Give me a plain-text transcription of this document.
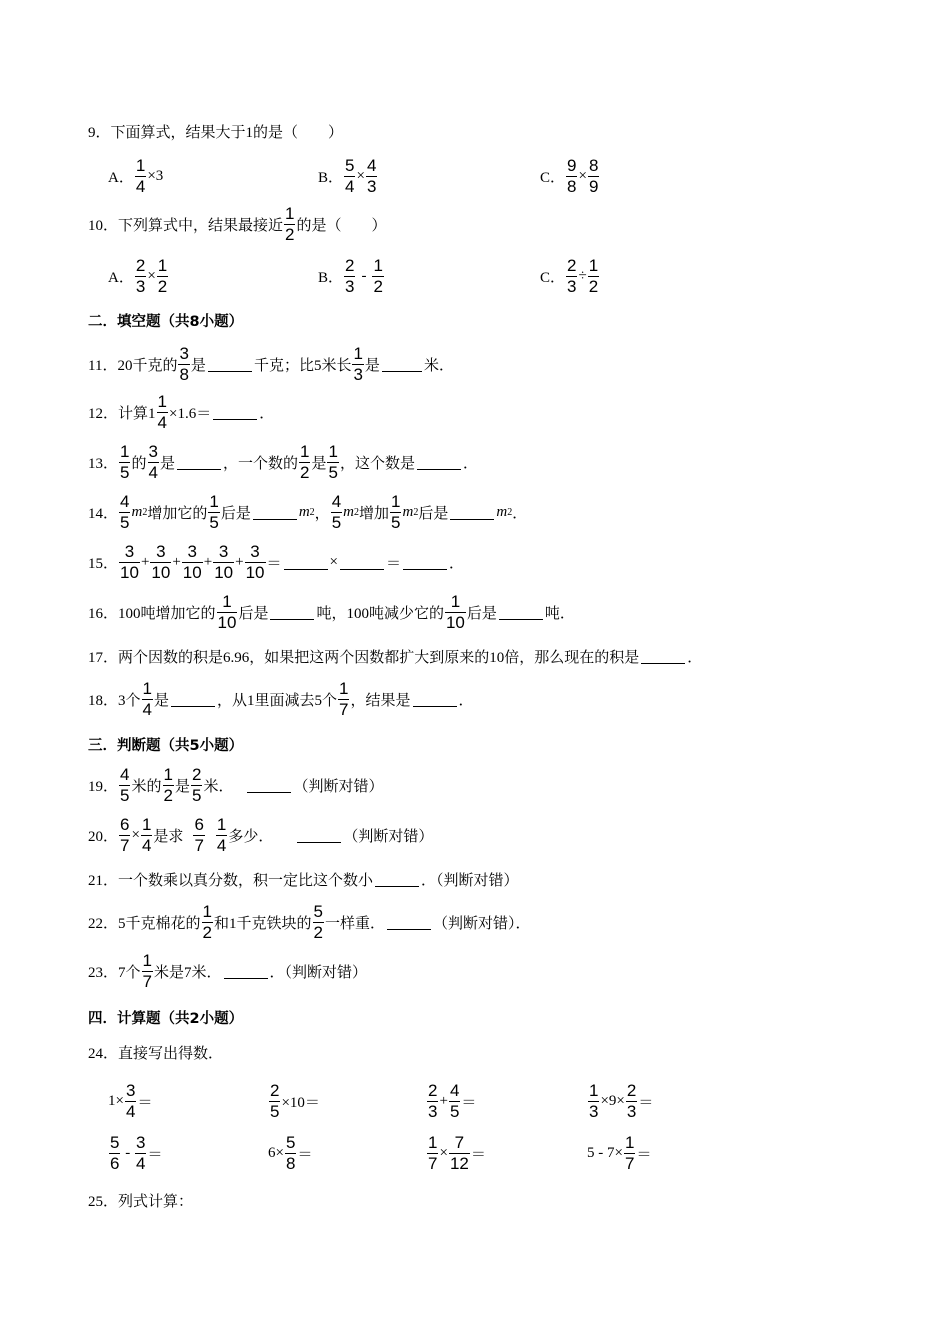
9．下面算式，结果大于1的是（　　）
A． $\frac{1}{4} \times 3$	B． $\frac{5}{4} \times \frac{4}{3}$	C． $\frac{9}{8} \times \frac{8}{9}$
10．下列算式中，结果最接近 $\frac{1}{2}$ 的是（　　）
A． $\frac{2}{3} \times \frac{1}{2}$	B． $\frac{2}{3} - \frac{1}{2}$	C． $\frac{2}{3} \div \frac{1}{2}$
二．填空题（共8小题）
11．20千克的 $\frac{3}{8}$ 是	千克；比5米长 $\frac{1}{3}$ 是	米．
12．计算$1 \frac{1}{4} \times 1.6=$	．
13． $\frac{1}{5}$ 的 $\frac{3}{4}$ 是	，一个数的 $\frac{1}{2}$ 是 $\frac{1}{5}$ ，这个数是	．
14． $\frac{4}{5}$ m 2 增加它的 $\frac{1}{5}$ 后是	m 2 ， $\frac{4}{5}$ m 2 增加 $\frac{1}{5}$ m 2 后是	m 2 ．
15． $\frac{3}{10} + \frac{3}{10} + \frac{3}{10} + \frac{3}{10} + \frac{3}{10}$ ＝	×	＝	．
16．100吨增加它的 $\frac{1}{10}$ 后是	吨，100吨减少它的 $\frac{1}{10}$ 后是	吨．
17．两个因数的积是6.96，如果把这两个因数都扩大到原来的10倍，那么现在的积是	．
18．3个 $\frac{1}{4}$ 是	，从1里面减去5个 $\frac{1}{7}$ ，结果是	．
三．判断题（共5小题）
19． $\frac{4}{5}$ 米的 $\frac{1}{2}$ 是 $\frac{2}{5}$ 米．	（判断对错）
20． $\frac{6}{7} \times \frac{1}{4}$ 是求 $\frac{6}{7} \frac{1}{4}$ 多少．	（判断对错）
21．一个数乘以真分数，积一定比这个数小	．（判断对错）
22．5千克棉花的 $\frac{1}{2}$ 和1千克铁块的 $\frac{5}{2}$ 一样重．	（判断对错）．
23．7个 $\frac{1}{7}$ 米是7米．	．（判断对错）
四．计算题（共2小题）
24．直接写出得数．
$1\times \frac{3}{4}$ ＝	$\frac{2}{5} \times 10=$	$\frac{2}{3} + \frac{4}{5}$ ＝	$\frac{1}{3} \times 9\times \frac{2}{3}$ ＝
$\frac{5}{6} - \frac{3}{4}$ ＝	$6\times \frac{5}{8}$ ＝	$\frac{1}{7} \times \frac{7}{12}$ ＝	$5 - 7\times \frac{1}{7}$ ＝
25．列式计算：
